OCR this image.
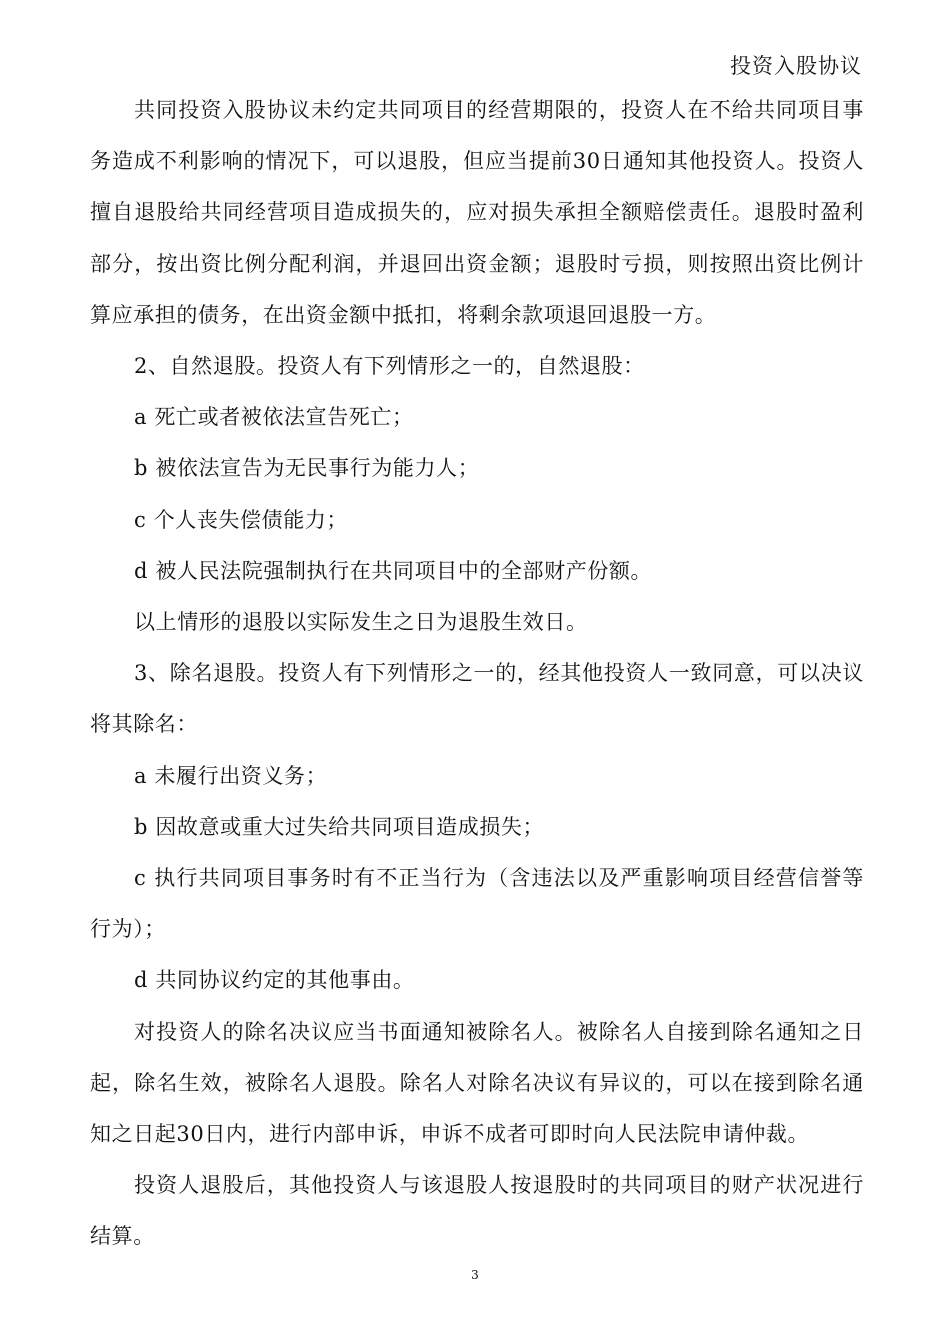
投资入股协议

共同投资入股协议未约定共同项目的经营期限的，投资人在不给共同项目事务造成不利影响的情况下，可以退股，但应当提前30日通知其他投资人。投资人擅自退股给共同经营项目造成损失的，应对损失承担全额赔偿责任。退股时盈利部分，按出资比例分配利润，并退回出资金额；退股时亏损，则按照出资比例计算应承担的债务，在出资金额中抵扣，将剩余款项退回退股一方。

2、自然退股。投资人有下列情形之一的，自然退股：

a 死亡或者被依法宣告死亡；

b 被依法宣告为无民事行为能力人；

c 个人丧失偿债能力；

d 被人民法院强制执行在共同项目中的全部财产份额。

以上情形的退股以实际发生之日为退股生效日。

3、除名退股。投资人有下列情形之一的，经其他投资人一致同意，可以决议将其除名：

a 未履行出资义务；

b 因故意或重大过失给共同项目造成损失；

c 执行共同项目事务时有不正当行为（含违法以及严重影响项目经营信誉等行为）；

d 共同协议约定的其他事由。

对投资人的除名决议应当书面通知被除名人。被除名人自接到除名通知之日起，除名生效，被除名人退股。除名人对除名决议有异议的，可以在接到除名通知之日起30日内，进行内部申诉，申诉不成者可即时向人民法院申请仲裁。

投资人退股后，其他投资人与该退股人按退股时的共同项目的财产状况进行结算。

3
